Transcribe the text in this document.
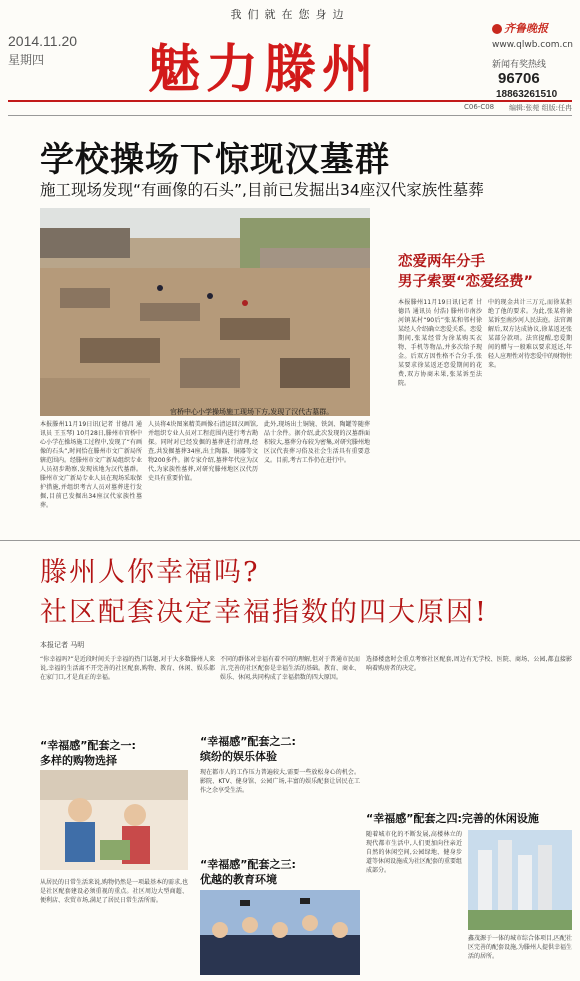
我们就在您身边
2014.11.20
星期四 魅力滕州
齐鲁晚报
www.qlwb.com.cn
新闻有奖热线
96706
18863261510
C06-C08 编辑:张菀 组版:任冉
学校操场下惊现汉墓群
施工现场发现“有画像的石头”,目前已发掘出34座汉代家族性墓葬
官桥中心小学操场施工现场下方,发现了汉代古墓群。
本报滕州11月19日讯(记者 甘德昌 通讯员 王玉琴) 10月28日,滕州市官桥中心小学在操场施工过程中,发现了“有画像的石头”,时间恰在滕州市文广新局所辖范围内。经滕州市文广新局组织专业人员初步勘察,发现该地为汉代墓群。滕州市文广新局专业人员在现场采取保护措施,并组织考古人员对墓葬进行发掘,目前已发掘出34座汉代家族性墓葬。
人员将4块图案精美画像石清运回汉画馆,并组织专业人员对工程范围内进行考古勘探。同时对已经发掘的墓葬进行清理,经查,共发掘墓葬34座,出土陶器、铜器等文物200多件。据专家介绍,墓葬年代应为汉代,为家族性墓葬,对研究滕州地区汉代历史具有重要价值。
此外,现场出土铜镜、铁剑、陶罐等随葬品十余件。据介绍,此次发现的汉墓群面积较大,墓葬分布较为密集,对研究滕州地区汉代丧葬习俗及社会生活具有重要意义。目前,考古工作仍在进行中。
恋爱两年分手
男子索要“恋爱经费”
本报滕州11月19日讯(记者 甘德昌 通讯员 付浩) 滕州市南沙河镇某村“90后”张某和邻村徐某经人介绍确立恋爱关系。恋爱期间,张某经常为徐某购买衣物、手机等物品,并多次给予现金。后双方因性格不合分手,张某要求徐某返还恋爱期间的花费,双方协商未果,张某诉至法院。
中的现金共计三万元,而徐某拒绝了他的要求。为此,张某将徐某诉至南沙河人民法庭。法官调解后,双方达成协议,徐某返还张某部分款项。法官提醒,恋爱期间的赠与一般难以要求返还,年轻人应理性对待恋爱中的财物往来。
滕州人你幸福吗?
社区配套决定幸福指数的四大原因!
本报记者 马明
“你幸福吗?”是近段时间关于幸福的热门话题,对于大多数滕州人来说,幸福的生活离不开完善的社区配套,购物、教育、休闲、娱乐都在家门口,才是真正的幸福。
不同的群体对幸福有着不同的理解,但对于普通市民而言,完善的社区配套是幸福生活的基础。教育、商业、娱乐、休闲,共同构成了幸福指数的四大原因。
选择楼盘时会重点考察社区配套,周边有无学校、医院、商场、公园,都直接影响着购房者的决定。
“幸福感”配套之一:
多样的购物选择
从居民的日常生活来说,购物仍然是一项最基本的需求,也是社区配套建设必须重视的重点。社区周边大型商超、便利店、农贸市场,满足了居民日常生活所需。
“幸福感”配套之二:
缤纷的娱乐体验
现在都市人的工作压力普遍较大,需要一些放松身心的机会。影院、KTV、健身馆、公园广场,丰富的娱乐配套让居民在工作之余享受生活。
“幸福感”配套之三:
优越的教育环境
“幸福感”配套之四:完善的休闲设施
随着城市化的不断发展,高楼林立的现代都市生活中,人们更加向往亲近自然的休闲空间,公园绿地、健身步道等休闲设施成为社区配套的重要组成部分。
鑫茂源于一体的城市综合体项目,匹配社区完善的配套设施,为滕州人提供幸福生活的居所。
